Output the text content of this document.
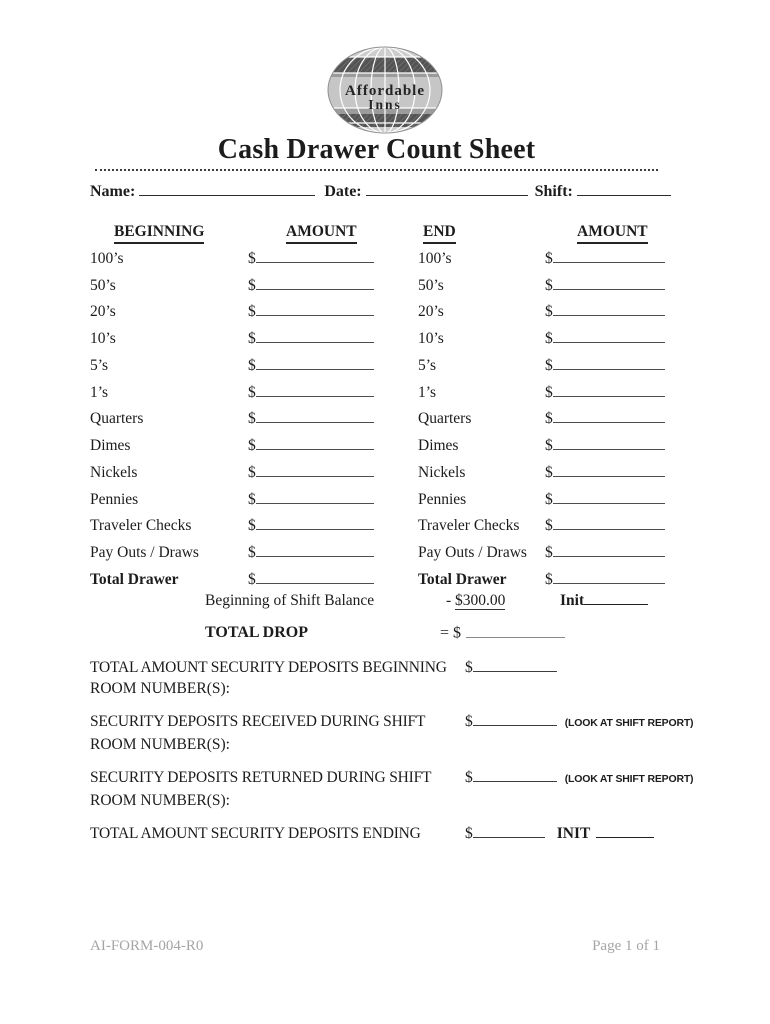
Affordable
Inns
Cash Drawer Count Sheet
Name:	Date:	Shift:
BEGINNING	AMOUNT	END	AMOUNT
100’s	$	100’s	$
50’s	$	50’s	$
20’s	$	20’s	$
10’s	$	10’s	$
5’s	$	5’s	$
1’s	$	1’s	$
Quarters	$	Quarters	$
Dimes	$	Dimes	$
Nickels	$	Nickels	$
Pennies	$	Pennies	$
Traveler Checks	$	Traveler Checks	$
Pay Outs / Draws	$	Pay Outs / Draws	$
Total Drawer	$	Total Drawer	$
Beginning of Shift Balance	- $300.00	Init
TOTAL DROP	= $
TOTAL AMOUNT SECURITY DEPOSITS BEGINNING	$
ROOM NUMBER(S):
SECURITY DEPOSITS RECEIVED DURING SHIFT	$	(LOOK AT SHIFT REPORT)
ROOM NUMBER(S):
SECURITY DEPOSITS RETURNED DURING SHIFT	$	(LOOK AT SHIFT REPORT)
ROOM NUMBER(S):
TOTAL AMOUNT SECURITY DEPOSITS ENDING	$	INIT
AI-FORM-004-R0	Page 1 of 1
